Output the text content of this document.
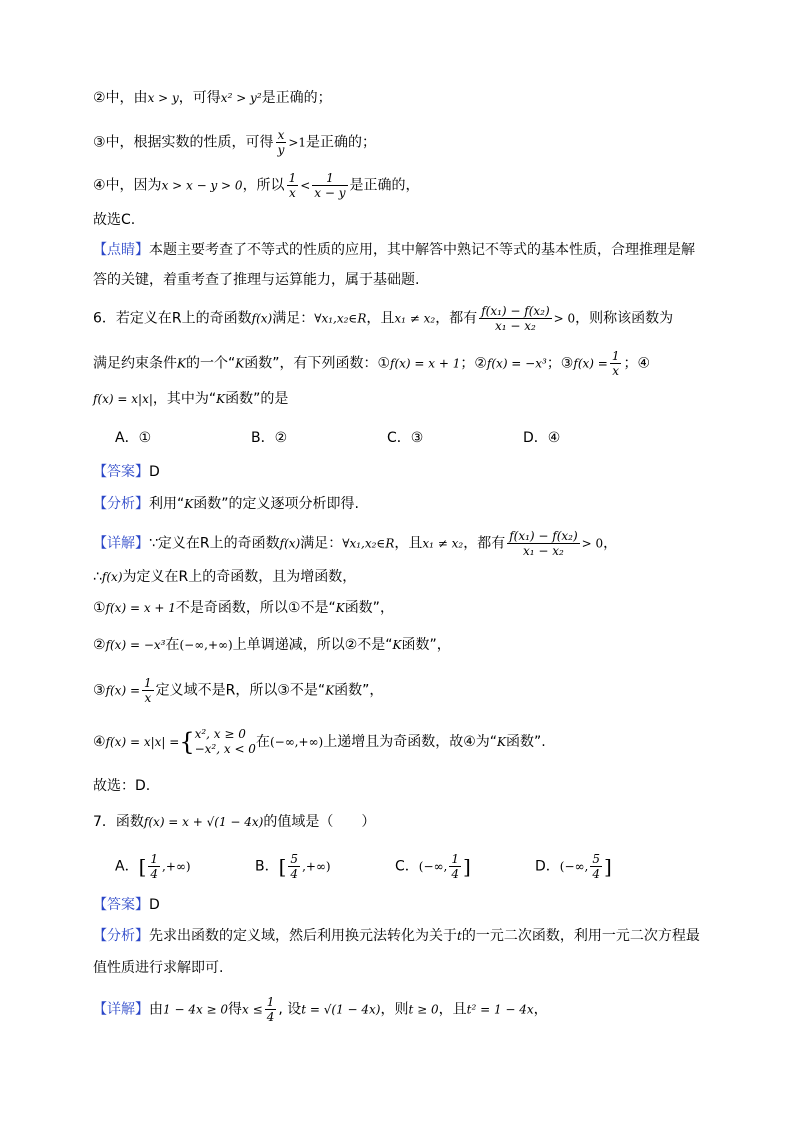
②中，由x > y，可得x² > y²是正确的；
③中，根据实数的性质，可得 $\frac{x}{y} >1$是正确的；
④中，因为x > x − y > 0，所以 $\frac{1}{x} < \frac{1}{x - y}$ 是正确的，
故选C.
【点睛】本题主要考查了不等式的性质的应用，其中解答中熟记不等式的基本性质，合理推理是解
答的关键，着重考查了推理与运算能力，属于基础题.
6．若定义在R上的奇函数f(x)满足：∀x₁,x₂∈R，且x₁ ≠ x₂，都有 $\frac{\text{f(x₁) − f(x₂)}}{\text{x₁ − x₂}} > 0$，则称该函数为
满足约束条件K的一个“K函数”，有下列函数：①f(x) = x + 1；②f(x) = −x³；③f(x) = $\frac{1}{x}$ ；④
f(x) = x|x|，其中为“K函数”的是
A．①	B．②	C．③	D．④
【答案】D
【分析】利用“K函数”的定义逐项分析即得.
【详解】∵定义在R上的奇函数f(x)满足：∀x₁,x₂∈R，且x₁ ≠ x₂，都有 $\frac{\text{f(x₁) − f(x₂)}}{\text{x₁ − x₂}} > 0$，
∴f(x)为定义在R上的奇函数，且为增函数，
①f(x) = x + 1不是奇函数，所以①不是“K函数”，
②f(x) = −x³在(−∞,+∞)上单调递减，所以②不是“K函数”，
③f(x) = $\frac{1}{x}$ 定义域不是R，所以③不是“K函数”，
④f(x) = x|x| ={ x², x ≥ 0
−x², x < 0 在(−∞,+∞)上递增且为奇函数，故④为“K函数”.
故选：D.
7．函数f(x) = x + √(1 − 4x)的值域是（　　）
A．[ $\frac{1}{4}$ ,+∞)	B．[ $\frac{5}{4}$ ,+∞)	C．(−∞, $\frac{1}{4}$ ]	D．(−∞, $\frac{5}{4}$ ]
【答案】D
【分析】先求出函数的定义域，然后利用换元法转化为关于t的一元二次函数，利用一元二次方程最
值性质进行求解即可.
【详解】由1 − 4x ≥ 0得$x \le \frac{1}{4}$ , 设t = √(1 − 4x)，则t ≥ 0，且t² = 1 − 4x，
